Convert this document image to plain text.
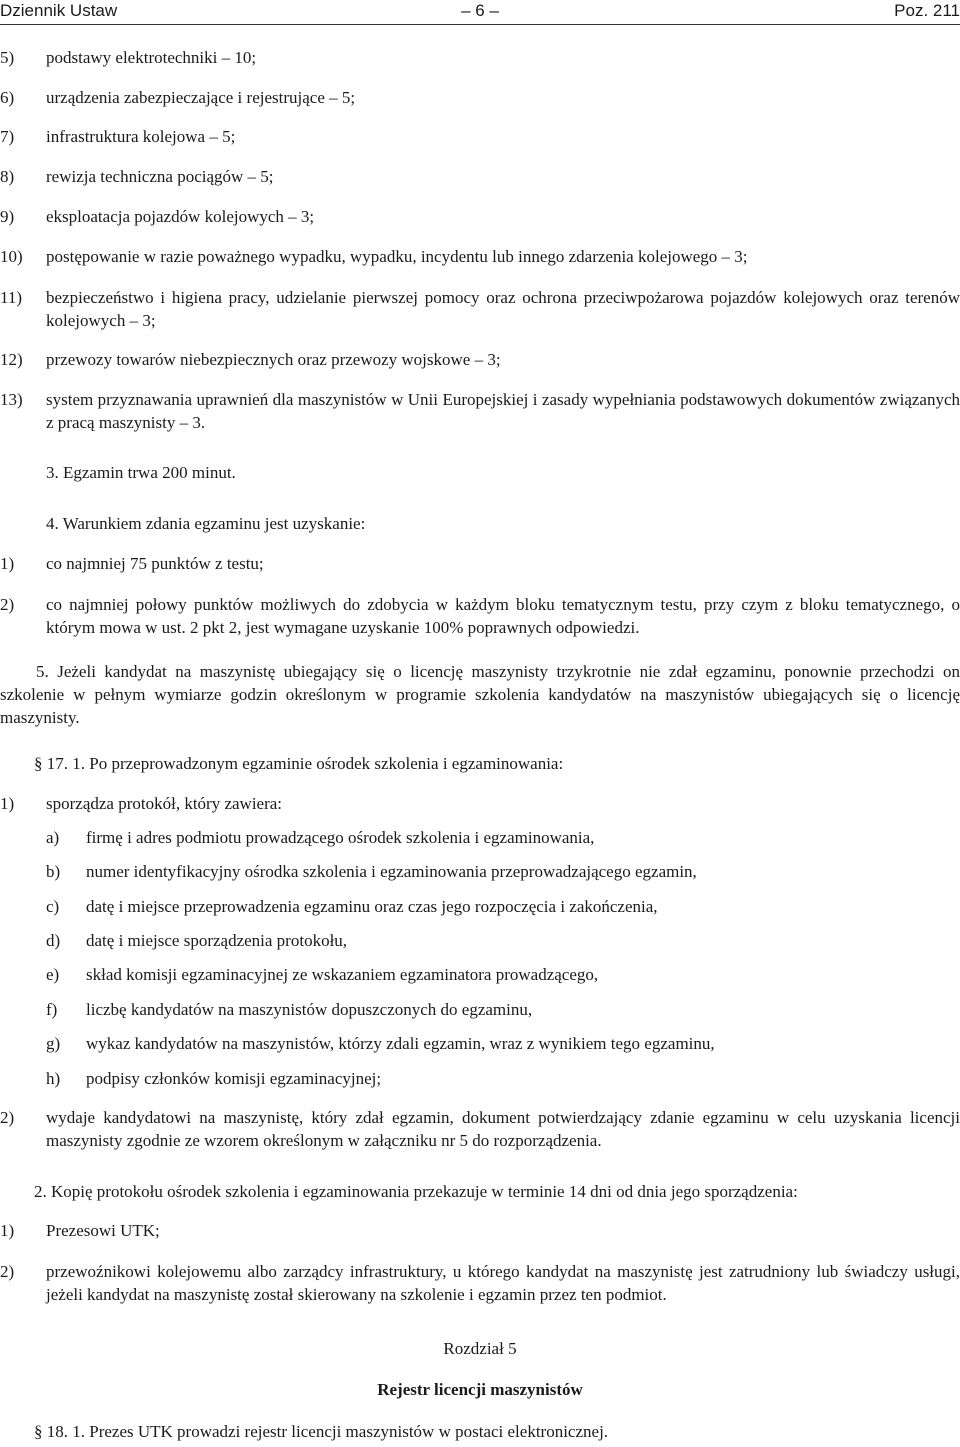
Dziennik Ustaw	– 6 –	Poz. 211
5) podstawy elektrotechniki – 10;
6) urządzenia zabezpieczające i rejestrujące – 5;
7) infrastruktura kolejowa – 5;
8) rewizja techniczna pociągów – 5;
9) eksploatacja pojazdów kolejowych – 3;
10) postępowanie w razie poważnego wypadku, wypadku, incydentu lub innego zdarzenia kolejowego – 3;
11) bezpieczeństwo i higiena pracy, udzielanie pierwszej pomocy oraz ochrona przeciwpożarowa pojazdów kolejowych oraz terenów kolejowych – 3;
12) przewozy towarów niebezpiecznych oraz przewozy wojskowe – 3;
13) system przyznawania uprawnień dla maszynistów w Unii Europejskiej i zasady wypełniania podstawowych dokumentów związanych z pracą maszynisty – 3.
3. Egzamin trwa 200 minut.
4. Warunkiem zdania egzaminu jest uzyskanie:
1) co najmniej 75 punktów z testu;
2) co najmniej połowy punktów możliwych do zdobycia w każdym bloku tematycznym testu, przy czym z bloku tematycznego, o którym mowa w ust. 2 pkt 2, jest wymagane uzyskanie 100% poprawnych odpowiedzi.
5. Jeżeli kandydat na maszynistę ubiegający się o licencję maszynisty trzykrotnie nie zdał egzaminu, ponownie przechodzi on szkolenie w pełnym wymiarze godzin określonym w programie szkolenia kandydatów na maszynistów ubiegających się o licencję maszynisty.
§ 17. 1. Po przeprowadzonym egzaminie ośrodek szkolenia i egzaminowania:
1) sporządza protokół, który zawiera:
a) firmę i adres podmiotu prowadzącego ośrodek szkolenia i egzaminowania,
b) numer identyfikacyjny ośrodka szkolenia i egzaminowania przeprowadzającego egzamin,
c) datę i miejsce przeprowadzenia egzaminu oraz czas jego rozpoczęcia i zakończenia,
d) datę i miejsce sporządzenia protokołu,
e) skład komisji egzaminacyjnej ze wskazaniem egzaminatora prowadzącego,
f) liczbę kandydatów na maszynistów dopuszczonych do egzaminu,
g) wykaz kandydatów na maszynistów, którzy zdali egzamin, wraz z wynikiem tego egzaminu,
h) podpisy członków komisji egzaminacyjnej;
2) wydaje kandydatowi na maszynistę, który zdał egzamin, dokument potwierdzający zdanie egzaminu w celu uzyskania licencji maszynisty zgodnie ze wzorem określonym w załączniku nr 5 do rozporządzenia.
2. Kopię protokołu ośrodek szkolenia i egzaminowania przekazuje w terminie 14 dni od dnia jego sporządzenia:
1) Prezesowi UTK;
2) przewoźnikowi kolejowemu albo zarządcy infrastruktury, u którego kandydat na maszynistę jest zatrudniony lub świadczy usługi, jeżeli kandydat na maszynistę został skierowany na szkolenie i egzamin przez ten podmiot.
Rozdział 5
Rejestr licencji maszynistów
§ 18. 1. Prezes UTK prowadzi rejestr licencji maszynistów w postaci elektronicznej.
